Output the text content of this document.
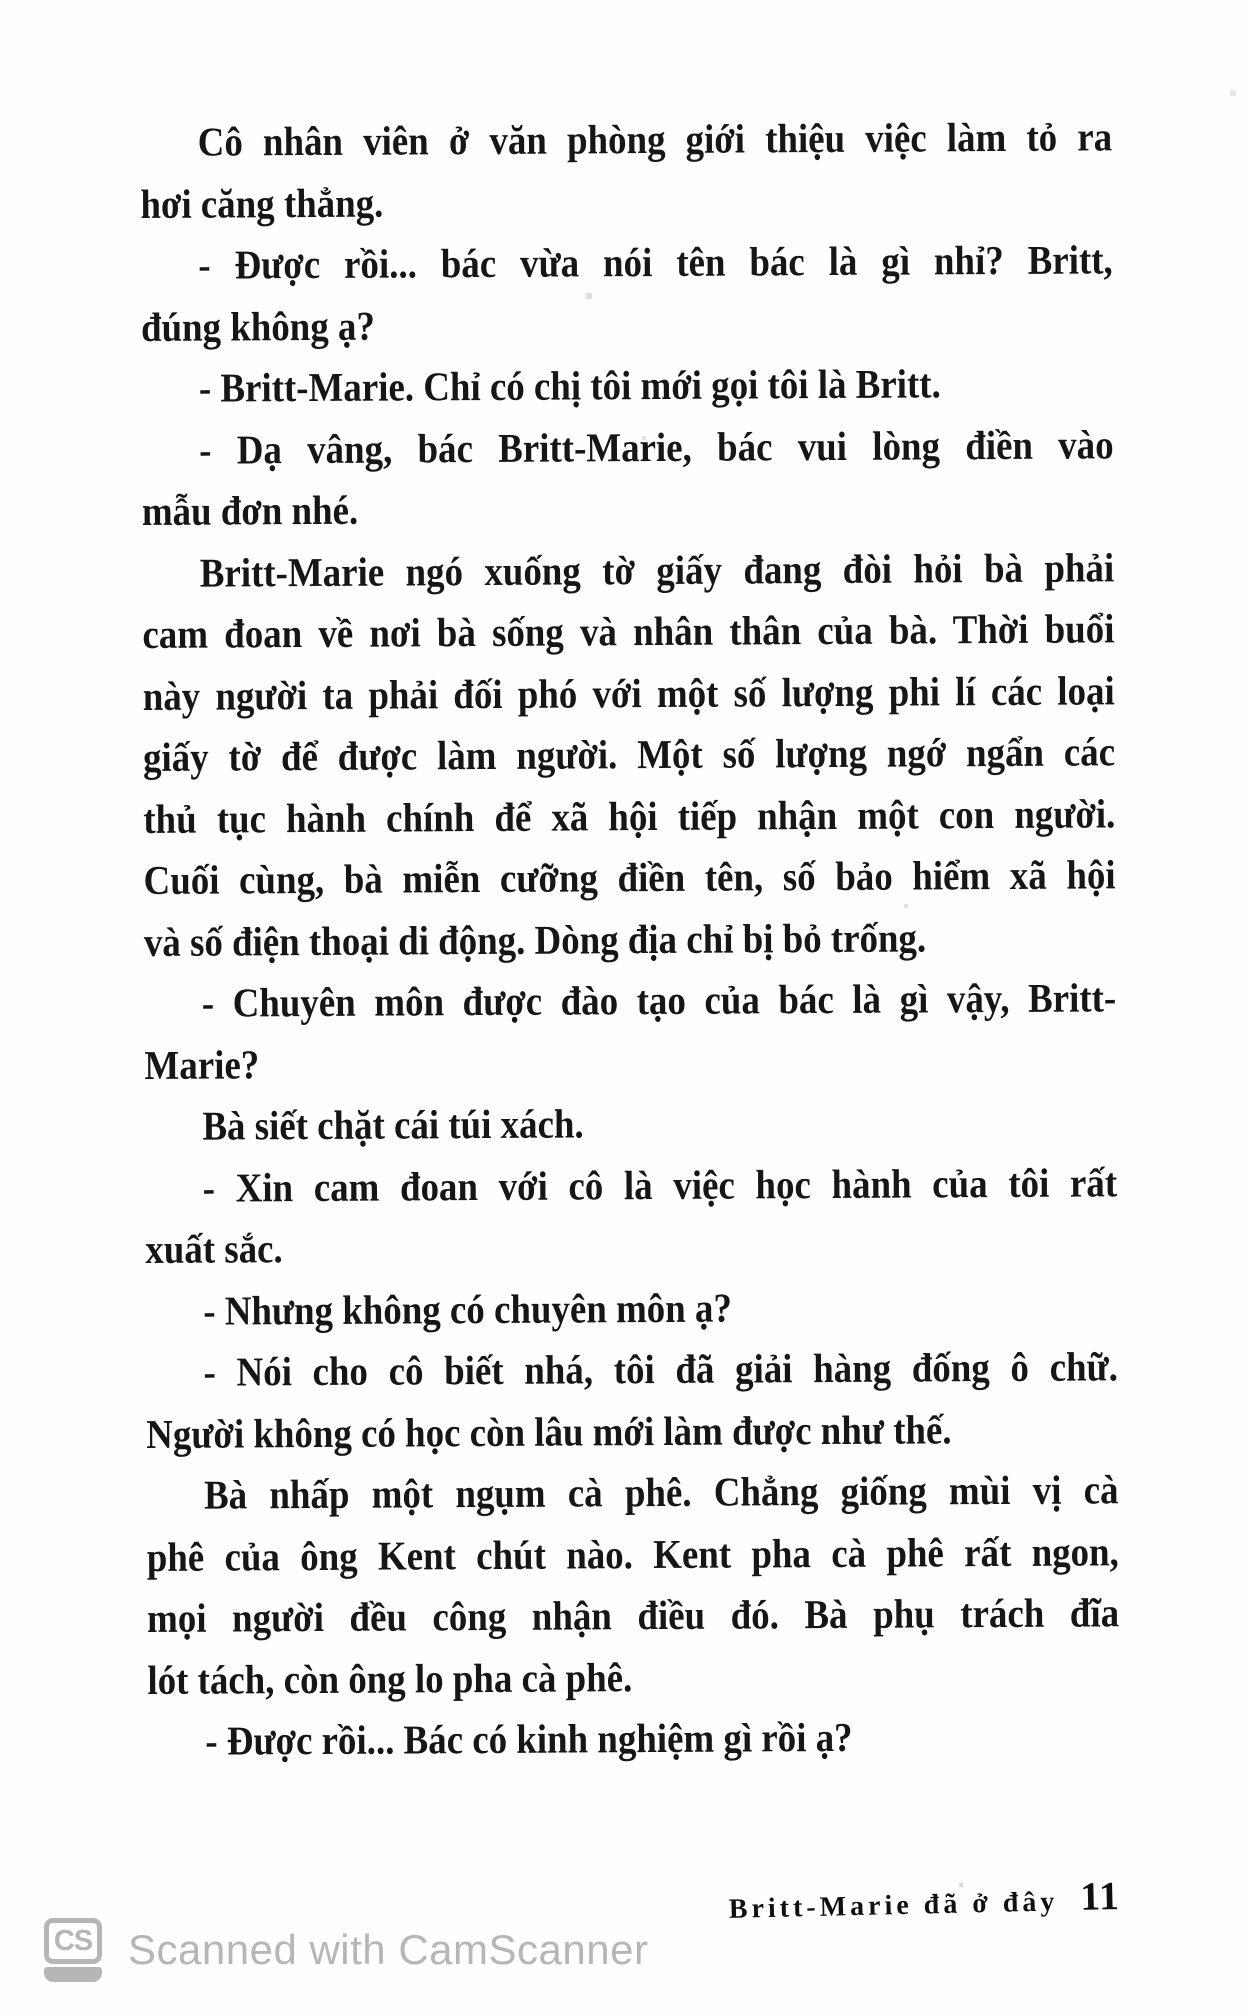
Cô nhân viên ở văn phòng giới thiệu việc làm tỏ ra
hơi căng thẳng.
- Được rồi... bác vừa nói tên bác là gì nhỉ? Britt,
đúng không ạ?
- Britt-Marie. Chỉ có chị tôi mới gọi tôi là Britt.
- Dạ vâng, bác Britt-Marie, bác vui lòng điền vào
mẫu đơn nhé.
Britt-Marie ngó xuống tờ giấy đang đòi hỏi bà phải
cam đoan về nơi bà sống và nhân thân của bà. Thời buổi
này người ta phải đối phó với một số lượng phi lí các loại
giấy tờ để được làm người. Một số lượng ngớ ngẩn các
thủ tục hành chính để xã hội tiếp nhận một con người.
Cuối cùng, bà miễn cưỡng điền tên, số bảo hiểm xã hội
và số điện thoại di động. Dòng địa chỉ bị bỏ trống.
- Chuyên môn được đào tạo của bác là gì vậy, Britt-
Marie?
Bà siết chặt cái túi xách.
- Xin cam đoan với cô là việc học hành của tôi rất
xuất sắc.
- Nhưng không có chuyên môn ạ?
- Nói cho cô biết nhá, tôi đã giải hàng đống ô chữ.
Người không có học còn lâu mới làm được như thế.
Bà nhấp một ngụm cà phê. Chẳng giống mùi vị cà
phê của ông Kent chút nào. Kent pha cà phê rất ngon,
mọi người đều công nhận điều đó. Bà phụ trách đĩa
lót tách, còn ông lo pha cà phê.
- Được rồi... Bác có kinh nghiệm gì rồi ạ?
Britt-Marie đã ở đây 11
CS Scanned with CamScanner
